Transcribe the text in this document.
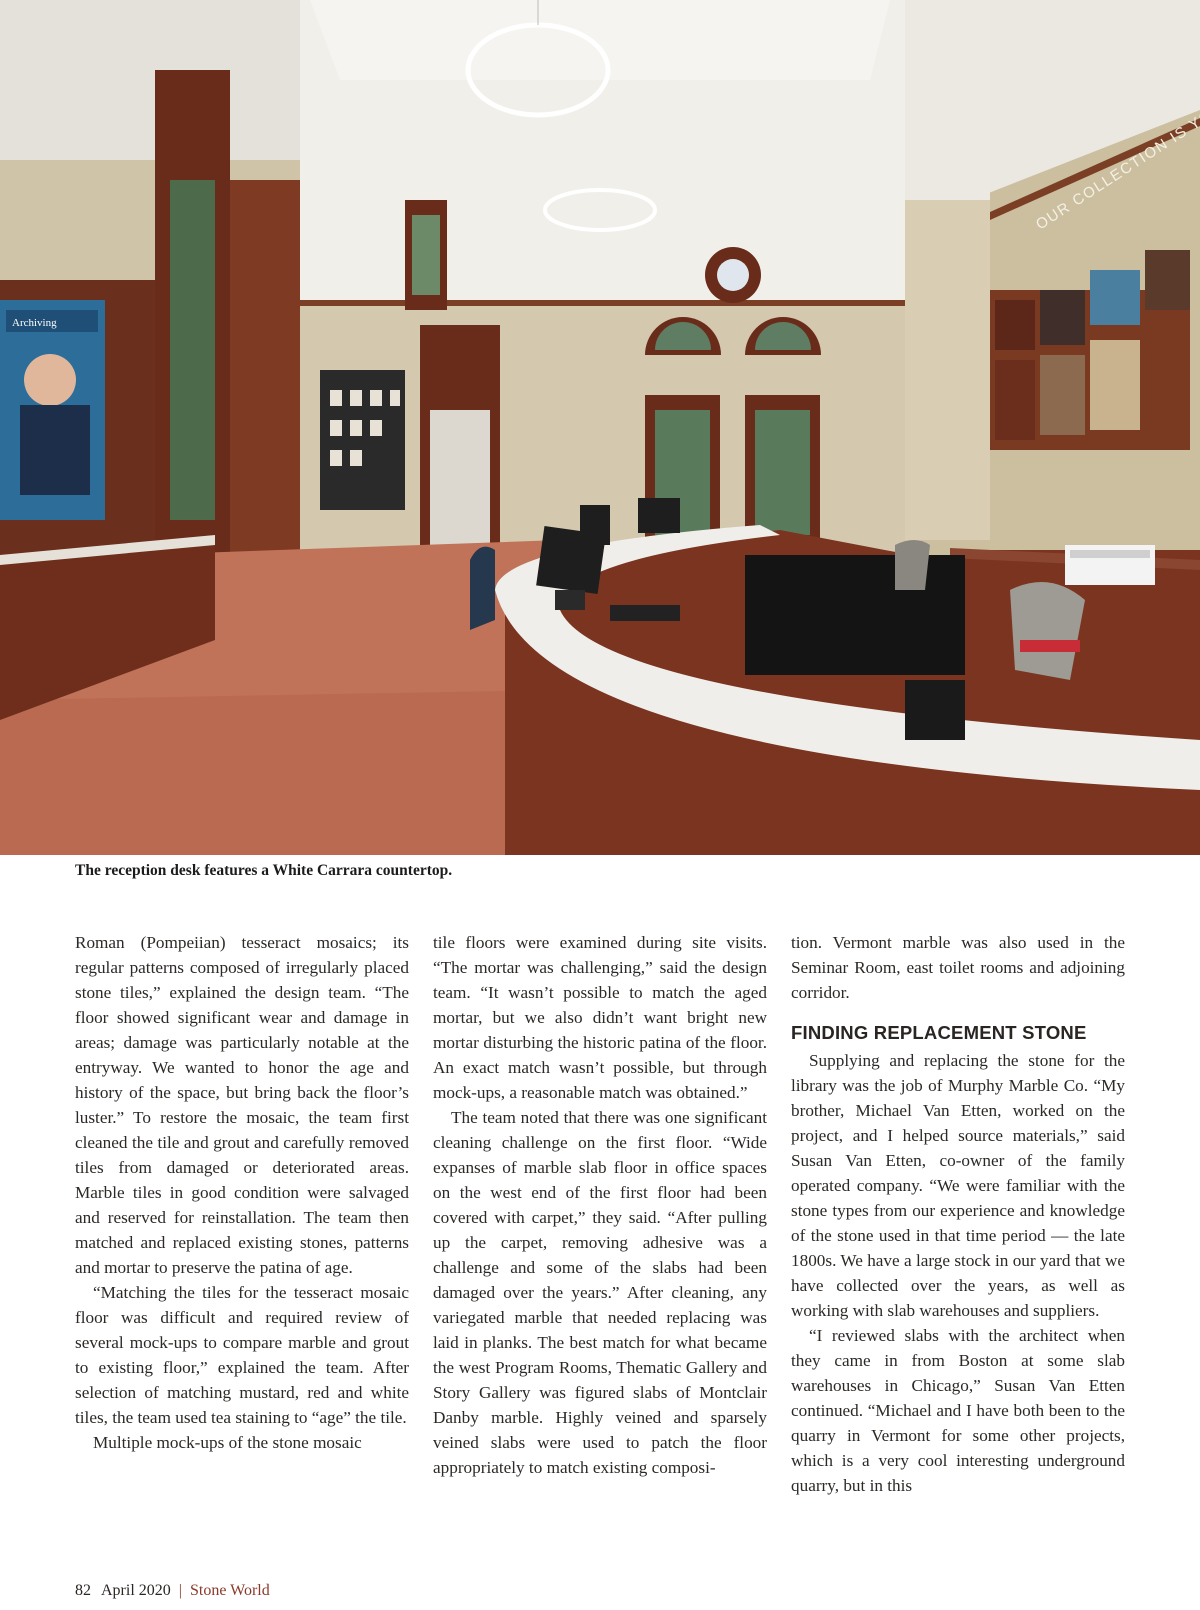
Archiving
The reception desk features a White Carrara countertop.

Roman (Pompeiian) tesseract mosaics; its regular patterns composed of irregularly placed stone tiles,” explained the design team. “The floor showed significant wear and damage in areas; damage was particularly notable at the entryway. We wanted to honor the age and history of the space, but bring back the floor’s luster.” To restore the mosaic, the team first cleaned the tile and grout and carefully removed tiles from damaged or deteriorated areas. Marble tiles in good condition were salvaged and reserved for reinstallation. The team then matched and replaced existing stones, patterns and mortar to preserve the patina of age.

“Matching the tiles for the tesseract mosaic floor was difficult and required review of several mock-ups to compare marble and grout to existing floor,” explained the team. After selection of matching mustard, red and white tiles, the team used tea staining to “age” the tile.

Multiple mock-ups of the stone mosaic

tile floors were examined during site visits. “The mortar was challenging,” said the design team. “It wasn’t possible to match the aged mortar, but we also didn’t want bright new mortar disturbing the historic patina of the floor. An exact match wasn’t possible, but through mock-ups, a reasonable match was obtained.”

The team noted that there was one significant cleaning challenge on the first floor. “Wide expanses of marble slab floor in office spaces on the west end of the first floor had been covered with carpet,” they said. “After pulling up the carpet, removing adhesive was a challenge and some of the slabs had been damaged over the years.” After cleaning, any variegated marble that needed replacing was laid in planks. The best match for what became the west Program Rooms, Thematic Gallery and Story Gallery was figured slabs of Montclair Danby marble. Highly veined and sparsely veined slabs were used to patch the floor appropriately to match existing composi-

tion. Vermont marble was also used in the Seminar Room, east toilet rooms and adjoining corridor.

FINDING REPLACEMENT STONE

Supplying and replacing the stone for the library was the job of Murphy Marble Co. “My brother, Michael Van Etten, worked on the project, and I helped source materials,” said Susan Van Etten, co-owner of the family operated company. “We were familiar with the stone types from our experience and knowledge of the stone used in that time period — the late 1800s. We have a large stock in our yard that we have collected over the years, as well as working with slab warehouses and suppliers.

“I reviewed slabs with the architect when they came in from Boston at some slab warehouses in Chicago,” Susan Van Etten continued. “Michael and I have both been to the quarry in Vermont for some other projects, which is a very cool interesting underground quarry, but in this

82 April 2020 | Stone World
